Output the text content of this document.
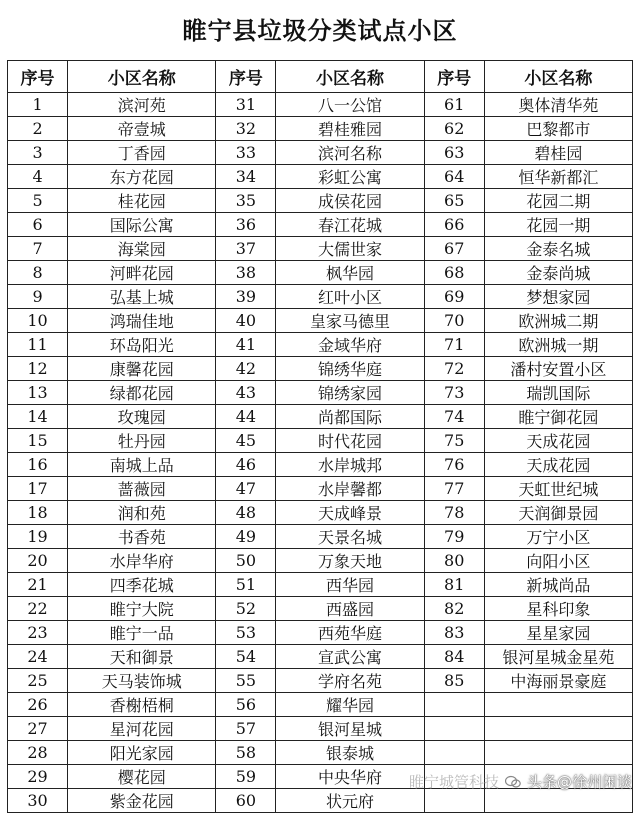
睢宁县垃圾分类试点小区
序号	小区名称	序号	小区名称	序号	小区名称
1	滨河苑	31	八一公馆	61	奥体清华苑
2	帝壹城	32	碧桂雅园	62	巴黎都市
3	丁香园	33	滨河名称	63	碧桂园
4	东方花园	34	彩虹公寓	64	恒华新都汇
5	桂花园	35	成侯花园	65	花园二期
6	国际公寓	36	春江花城	66	花园一期
7	海棠园	37	大儒世家	67	金泰名城
8	河畔花园	38	枫华园	68	金泰尚城
9	弘基上城	39	红叶小区	69	梦想家园
10	鸿瑞佳地	40	皇家马德里	70	欧洲城二期
11	环岛阳光	41	金域华府	71	欧洲城一期
12	康馨花园	42	锦绣华庭	72	潘村安置小区
13	绿都花园	43	锦绣家园	73	瑞凯国际
14	玫瑰园	44	尚都国际	74	睢宁御花园
15	牡丹园	45	时代花园	75	天成花园
16	南城上品	46	水岸城邦	76	天成花园
17	蔷薇园	47	水岸馨都	77	天虹世纪城
18	润和苑	48	天成峰景	78	天润御景园
19	书香苑	49	天景名城	79	万宁小区
20	水岸华府	50	万象天地	80	向阳小区
21	四季花城	51	西华园	81	新城尚品
22	睢宁大院	52	西盛园	82	星科印象
23	睢宁一品	53	西苑华庭	83	星星家园
24	天和御景	54	宣武公寓	84	银河星城金星苑
25	天马装饰城	55	学府名苑	85	中海丽景豪庭
26	香榭梧桐	56	耀华园		
27	星河花园	57	银河星城		
28	阳光家园	58	银泰城		
29	樱花园	59	中央华府		
30	紫金花园	60	状元府		
睢宁城管科技 头条@徐州闲谈
